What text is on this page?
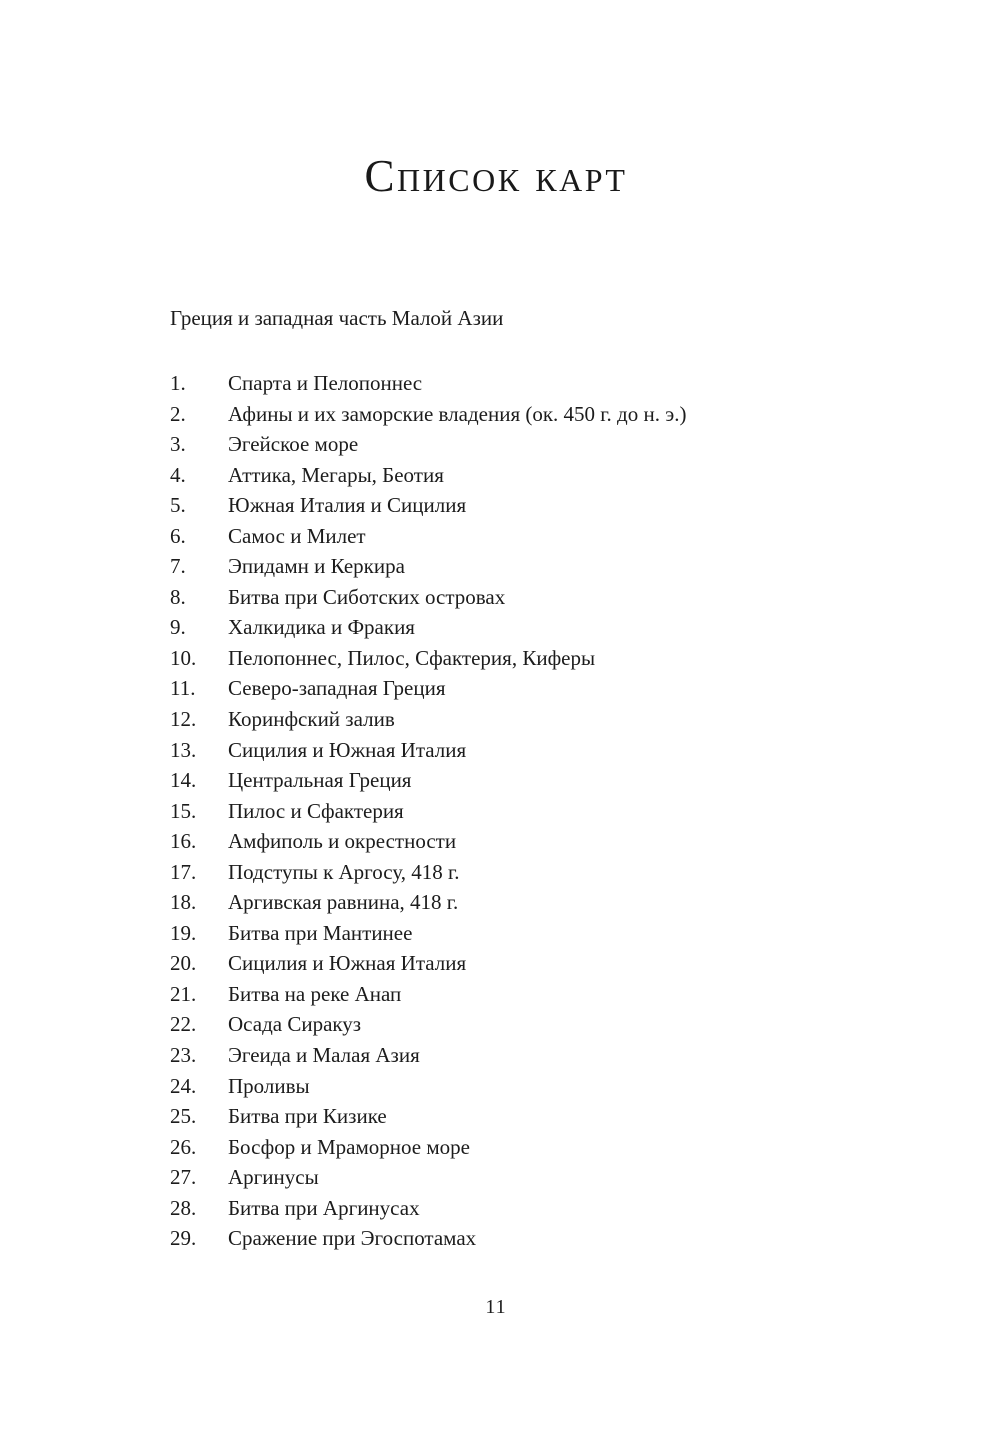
Список карт
Греция и западная часть Малой Азии
1.	Спарта и Пелопоннес
2.	Афины и их заморские владения (ок. 450 г. до н. э.)
3.	Эгейское море
4.	Аттика, Мегары, Беотия
5.	Южная Италия и Сицилия
6.	Самос и Милет
7.	Эпидамн и Керкира
8.	Битва при Сиботских островах
9.	Халкидика и Фракия
10.	Пелопоннес, Пилос, Сфактерия, Киферы
11.	Северо-западная Греция
12.	Коринфский залив
13.	Сицилия и Южная Италия
14.	Центральная Греция
15.	Пилос и Сфактерия
16.	Амфиполь и окрестности
17.	Подступы к Аргосу, 418 г.
18.	Аргивская равнина, 418 г.
19.	Битва при Мантинее
20.	Сицилия и Южная Италия
21.	Битва на реке Анап
22.	Осада Сиракуз
23.	Эгеида и Малая Азия
24.	Проливы
25.	Битва при Кизике
26.	Босфор и Мраморное море
27.	Аргинусы
28.	Битва при Аргинусах
29.	Сражение при Эгоспотамах
11
